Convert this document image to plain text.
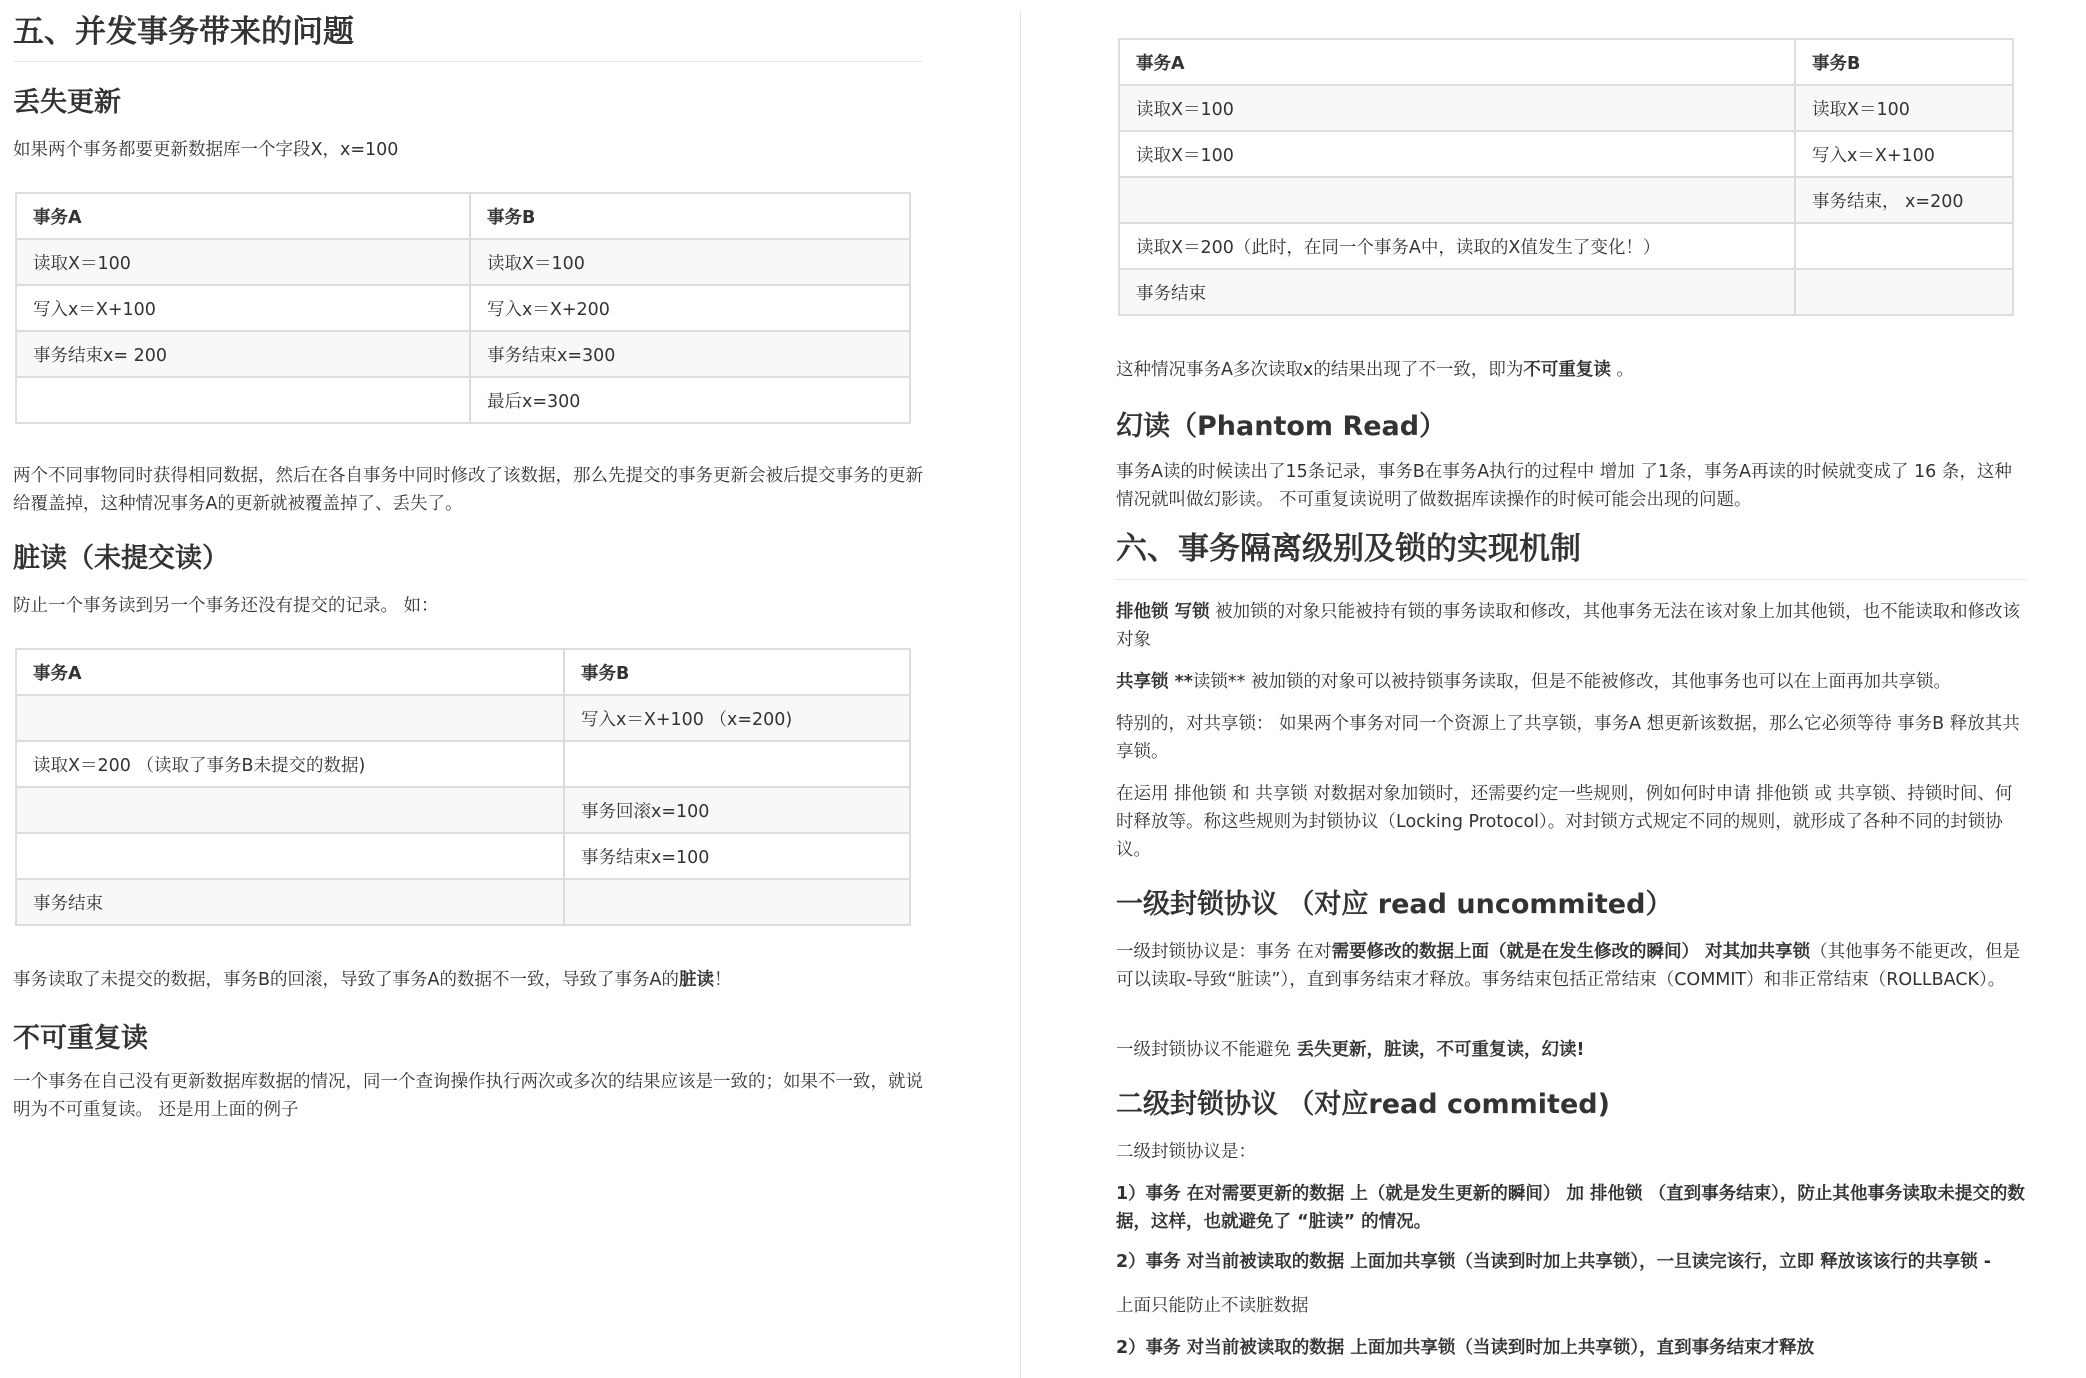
五、并发事务带来的问题
丢失更新

如果两个事务都要更新数据库一个字段X，x=100

事务A	事务B
读取X＝100	读取X＝100
写入x＝X+100	写入x＝X+200
事务结束x= 200	事务结束x=300
	最后x=300

两个不同事物同时获得相同数据，然后在各自事务中同时修改了该数据，那么先提交的事务更新会被后提交事务的更新给覆盖掉，这种情况事务A的更新就被覆盖掉了、丢失了。

脏读（未提交读）

防止一个事务读到另一个事务还没有提交的记录。 如：

事务A	事务B
	写入x＝X+100 （x=200)
读取X＝200 （读取了事务B未提交的数据)	
	事务回滚x=100
	事务结束x=100
事务结束	

事务读取了未提交的数据，事务B的回滚，导致了事务A的数据不一致，导致了事务A的脏读！

不可重复读

一个事务在自己没有更新数据库数据的情况，同一个查询操作执行两次或多次的结果应该是一致的；如果不一致，就说明为不可重复读。 还是用上面的例子

事务A	事务B
读取X＝100	读取X＝100
读取X＝100	写入x＝X+100
	事务结束， x=200
读取X＝200（此时，在同一个事务A中，读取的X值发生了变化！）	
事务结束	

这种情况事务A多次读取x的结果出现了不一致，即为不可重复读 。

幻读（Phantom Read）

事务A读的时候读出了15条记录，事务B在事务A执行的过程中 增加 了1条，事务A再读的时候就变成了 16 条，这种情况就叫做幻影读。 不可重复读说明了做数据库读操作的时候可能会出现的问题。

六、事务隔离级别及锁的实现机制

排他锁 写锁 被加锁的对象只能被持有锁的事务读取和修改，其他事务无法在该对象上加其他锁，也不能读取和修改该对象

共享锁 **读锁** 被加锁的对象可以被持锁事务读取，但是不能被修改，其他事务也可以在上面再加共享锁。

特别的，对共享锁： 如果两个事务对同一个资源上了共享锁，事务A 想更新该数据，那么它必须等待 事务B 释放其共享锁。

在运用 排他锁 和 共享锁 对数据对象加锁时，还需要约定一些规则，例如何时申请 排他锁 或 共享锁、持锁时间、何时释放等。称这些规则为封锁协议（Locking Protocol）。对封锁方式规定不同的规则，就形成了各种不同的封锁协议。

一级封锁协议 （对应 read uncommited）

一级封锁协议是：事务 在对需要修改的数据上面（就是在发生修改的瞬间） 对其加共享锁（其他事务不能更改，但是可以读取-导致“脏读”），直到事务结束才释放。事务结束包括正常结束（COMMIT）和非正常结束（ROLLBACK）。

一级封锁协议不能避免 丢失更新，脏读，不可重复读，幻读!

二级封锁协议 （对应read commited)

二级封锁协议是：

1）事务 在对需要更新的数据 上（就是发生更新的瞬间） 加 排他锁 （直到事务结束），防止其他事务读取未提交的数据，这样，也就避免了 “脏读” 的情况。

2）事务 对当前被读取的数据 上面加共享锁（当读到时加上共享锁），一旦读完该行，立即 释放该该行的共享锁 -

上面只能防止不读脏数据

2）事务 对当前被读取的数据 上面加共享锁（当读到时加上共享锁），直到事务结束才释放
